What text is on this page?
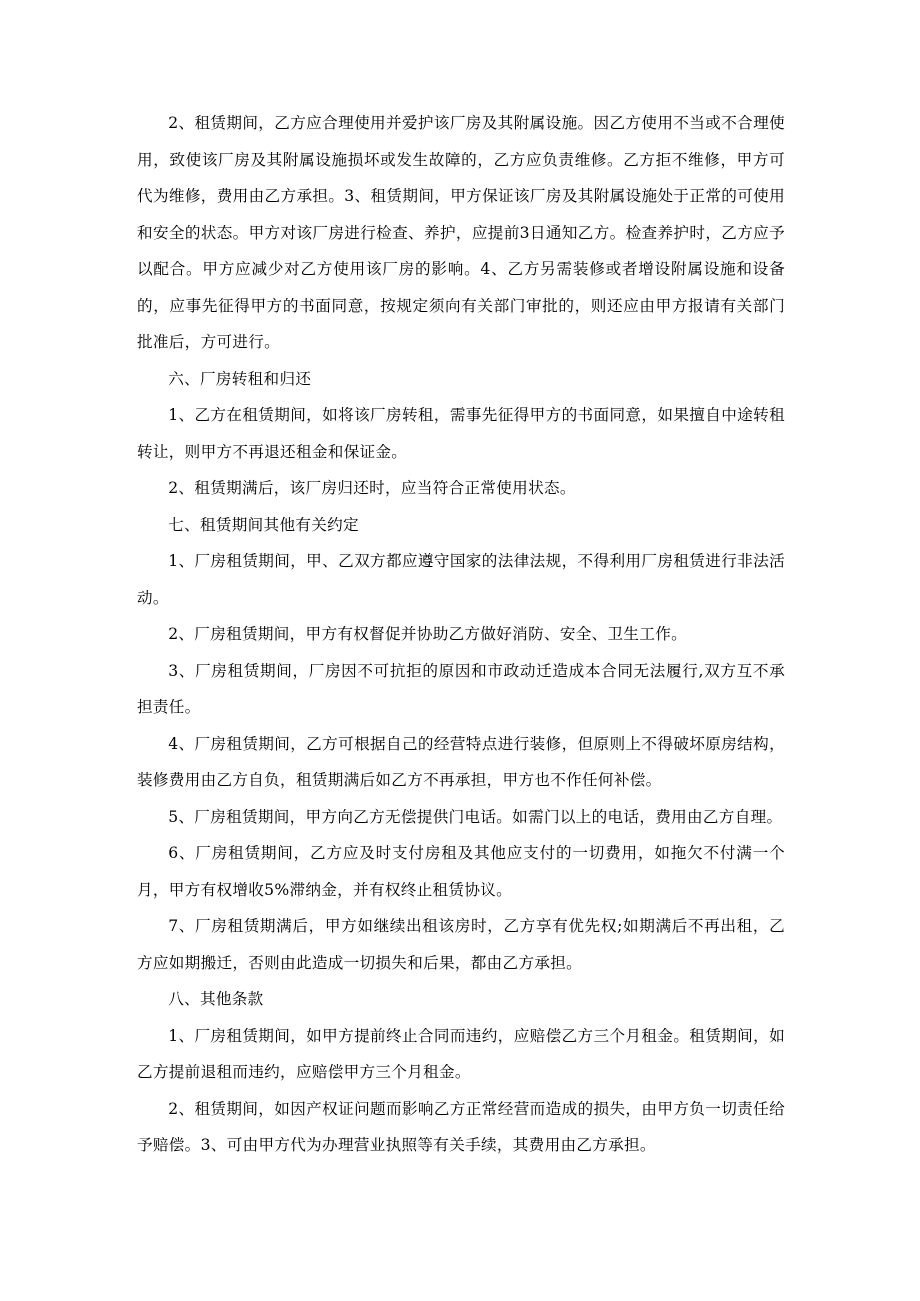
2、租赁期间，乙方应合理使用并爱护该厂房及其附属设施。因乙方使用不当或不合理使用，致使该厂房及其附属设施损坏或发生故障的，乙方应负责维修。乙方拒不维修，甲方可代为维修，费用由乙方承担。3、租赁期间，甲方保证该厂房及其附属设施处于正常的可使用和安全的状态。甲方对该厂房进行检查、养护，应提前3日通知乙方。检查养护时，乙方应予以配合。甲方应减少对乙方使用该厂房的影响。4、乙方另需装修或者增设附属设施和设备的，应事先征得甲方的书面同意，按规定须向有关部门审批的，则还应由甲方报请有关部门批准后，方可进行。

六、厂房转租和归还

1、乙方在租赁期间，如将该厂房转租，需事先征得甲方的书面同意，如果擅自中途转租转让，则甲方不再退还租金和保证金。

2、租赁期满后，该厂房归还时，应当符合正常使用状态。

七、租赁期间其他有关约定

1、厂房租赁期间，甲、乙双方都应遵守国家的法律法规，不得利用厂房租赁进行非法活动。

2、厂房租赁期间，甲方有权督促并协助乙方做好消防、安全、卫生工作。

3、厂房租赁期间，厂房因不可抗拒的原因和市政动迁造成本合同无法履行,双方互不承担责任。

4、厂房租赁期间，乙方可根据自己的经营特点进行装修，但原则上不得破坏原房结构，装修费用由乙方自负，租赁期满后如乙方不再承担，甲方也不作任何补偿。

5、厂房租赁期间，甲方向乙方无偿提供门电话。如需门以上的电话，费用由乙方自理。

6、厂房租赁期间，乙方应及时支付房租及其他应支付的一切费用，如拖欠不付满一个月，甲方有权增收5%滞纳金，并有权终止租赁协议。

7、厂房租赁期满后，甲方如继续出租该房时，乙方享有优先权;如期满后不再出租，乙方应如期搬迁，否则由此造成一切损失和后果，都由乙方承担。

八、其他条款

1、厂房租赁期间，如甲方提前终止合同而违约，应赔偿乙方三个月租金。租赁期间，如乙方提前退租而违约，应赔偿甲方三个月租金。

2、租赁期间，如因产权证问题而影响乙方正常经营而造成的损失，由甲方负一切责任给予赔偿。3、可由甲方代为办理营业执照等有关手续，其费用由乙方承担。
